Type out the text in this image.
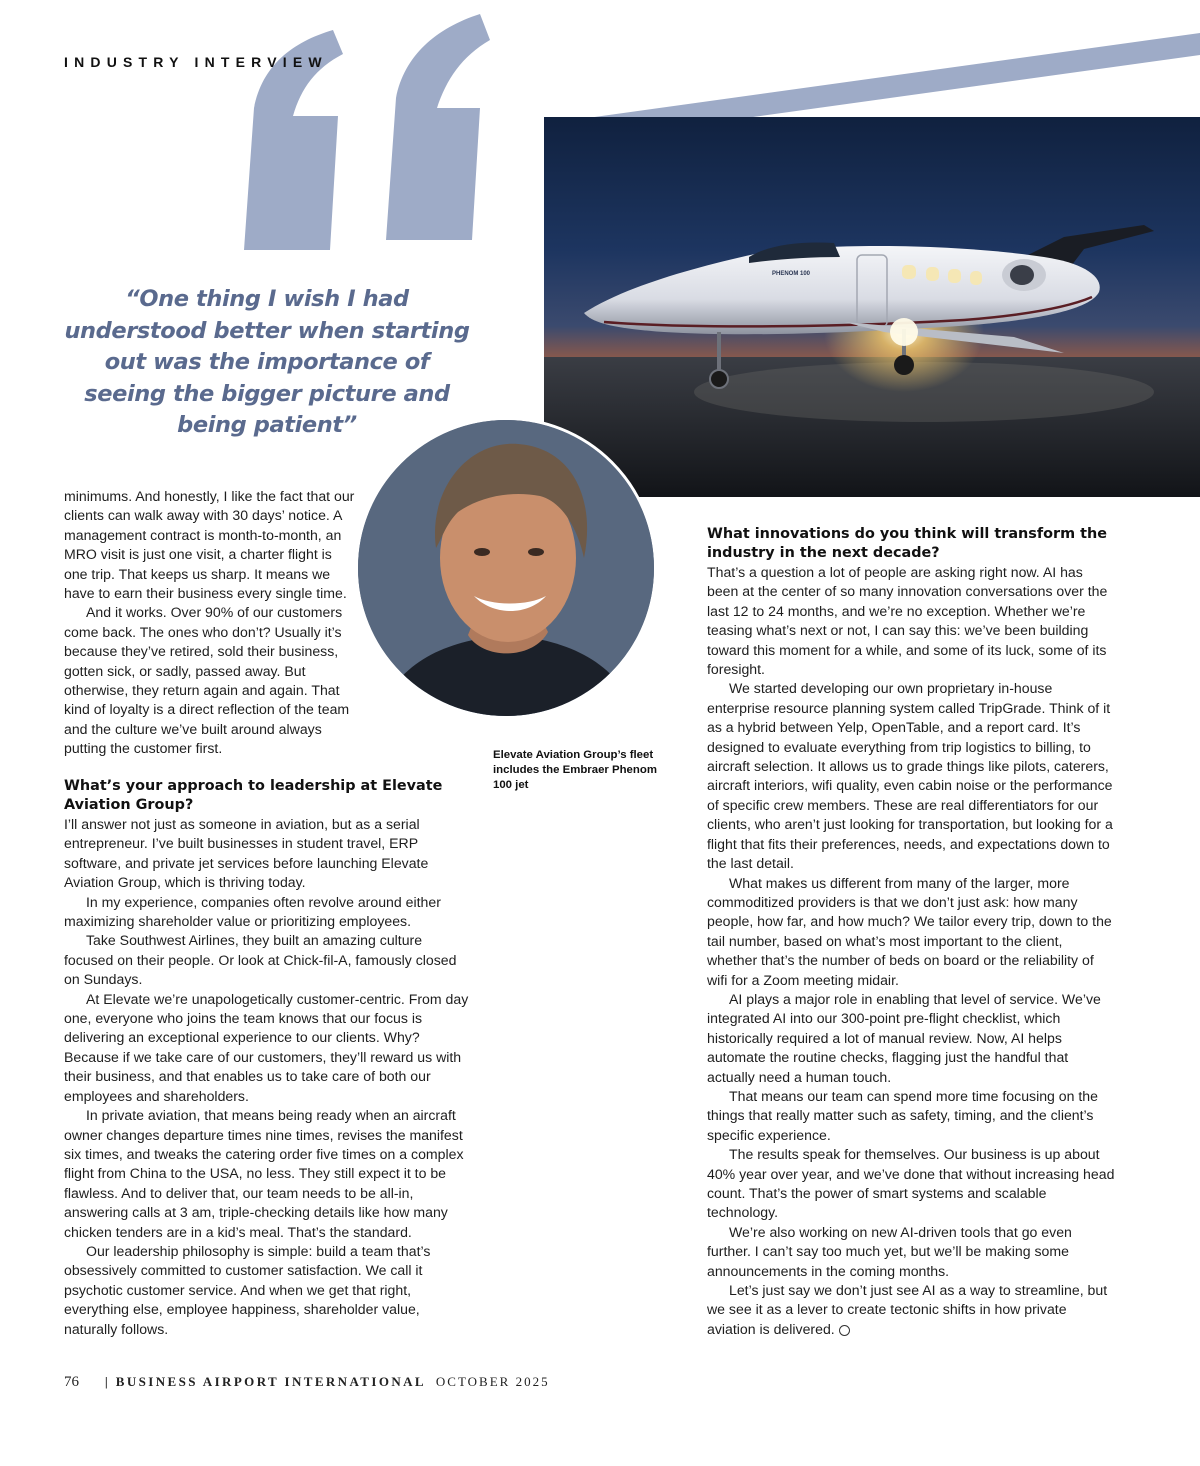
INDUSTRY INTERVIEW
“One thing I wish I had understood better when starting out was the importance of seeing the bigger picture and being patient”
PHENOM 100

minimums. And honestly, I like the fact that our clients can walk away with 30 days’ notice. A management contract is month-to-month, an MRO visit is just one visit, a charter flight is one trip. That keeps us sharp. It means we have to earn their business every single time.

And it works. Over 90% of our customers come back. The ones who don’t? Usually it’s because they’ve retired, sold their business, gotten sick, or sadly, passed away. But otherwise, they return again and again. That kind of loyalty is a direct reflection of the team and the culture we’ve built around always putting the customer first.

What’s your approach to leadership at Elevate Aviation Group?

I’ll answer not just as someone in aviation, but as a serial entrepreneur. I’ve built businesses in student travel, ERP software, and private jet services before launching Elevate Aviation Group, which is thriving today.

In my experience, companies often revolve around either maximizing shareholder value or prioritizing employees.

Take Southwest Airlines, they built an amazing culture focused on their people. Or look at Chick-fil-A, famously closed on Sundays.

At Elevate we’re unapologetically customer-centric. From day one, everyone who joins the team knows that our focus is delivering an exceptional experience to our clients. Why? Because if we take care of our customers, they’ll reward us with their business, and that enables us to take care of both our employees and shareholders.

In private aviation, that means being ready when an aircraft owner changes departure times nine times, revises the manifest six times, and tweaks the catering order five times on a complex flight from China to the USA, no less. They still expect it to be flawless. And to deliver that, our team needs to be all-in, answering calls at 3 am, triple-checking details like how many chicken tenders are in a kid’s meal. That’s the standard.

Our leadership philosophy is simple: build a team that’s obsessively committed to customer satisfaction. We call it psychotic customer service. And when we get that right, everything else, employee happiness, shareholder value, naturally follows.

Elevate Aviation Group’s fleet includes the Embraer Phenom 100 jet
What innovations do you think will transform the industry in the next decade?

That’s a question a lot of people are asking right now. AI has been at the center of so many innovation conversations over the last 12 to 24 months, and we’re no exception. Whether we’re teasing what’s next or not, I can say this: we’ve been building toward this moment for a while, and some of its luck, some of its foresight.

We started developing our own proprietary in-house enterprise resource planning system called TripGrade. Think of it as a hybrid between Yelp, OpenTable, and a report card. It’s designed to evaluate everything from trip logistics to billing, to aircraft selection. It allows us to grade things like pilots, caterers, aircraft interiors, wifi quality, even cabin noise or the performance of specific crew members. These are real differentiators for our clients, who aren’t just looking for transportation, but looking for a flight that fits their preferences, needs, and expectations down to the last detail.

What makes us different from many of the larger, more commoditized providers is that we don’t just ask: how many people, how far, and how much? We tailor every trip, down to the tail number, based on what’s most important to the client, whether that’s the number of beds on board or the reliability of wifi for a Zoom meeting midair.

AI plays a major role in enabling that level of service. We’ve integrated AI into our 300-point pre-flight checklist, which historically required a lot of manual review. Now, AI helps automate the routine checks, flagging just the handful that actually need a human touch.

That means our team can spend more time focusing on the things that really matter such as safety, timing, and the client’s specific experience.

The results speak for themselves. Our business is up about 40% year over year, and we’ve done that without increasing head count. That’s the power of smart systems and scalable technology.

We’re also working on new AI-driven tools that go even further. I can’t say too much yet, but we’ll be making some announcements in the coming months.

Let’s just say we don’t just see AI as a way to streamline, but we see it as a lever to create tectonic shifts in how private aviation is delivered.

76 | BUSINESS AIRPORT INTERNATIONAL OCTOBER 2025
